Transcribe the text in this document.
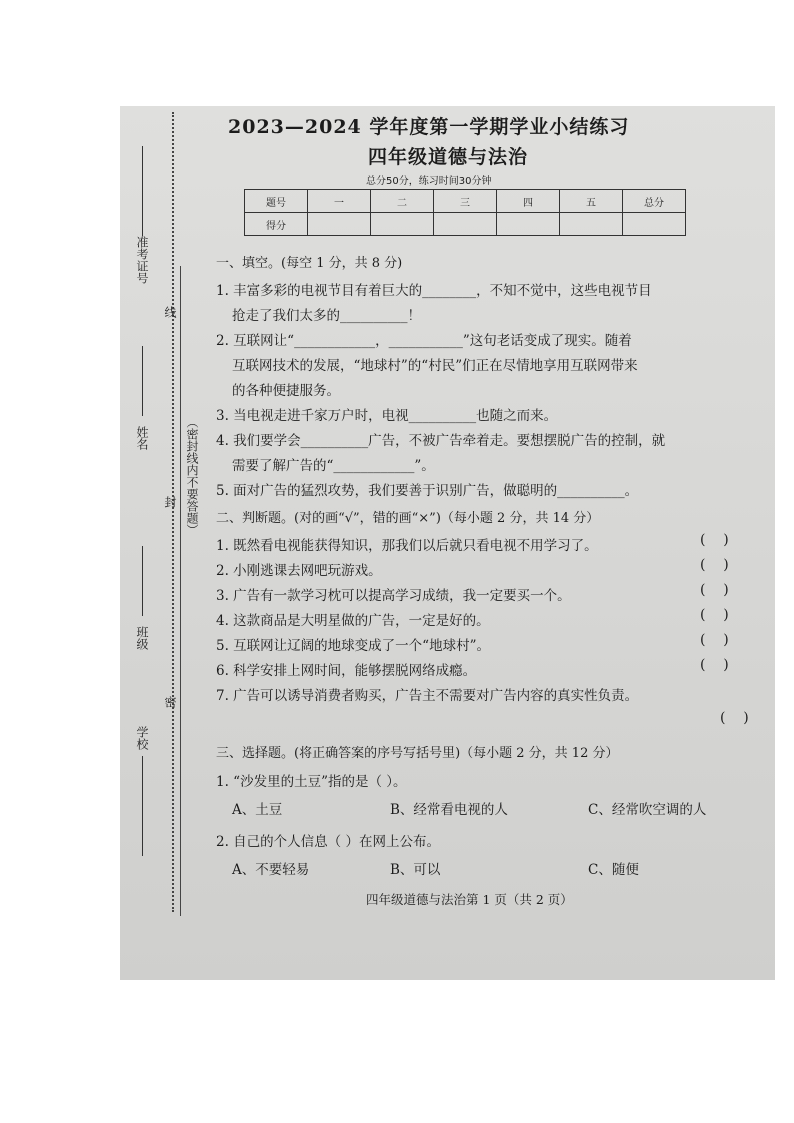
准考证号
线
姓名
封 （密封线内不要答题）
班级
密
学校
2023—2024 学年度第一学期学业小结练习
四年级道德与法治
总分50分，练习时间30分钟
题号	一	二	三	四	五	总分
得分						
一、填空。(每空 1 分，共 8 分)
1. 丰富多彩的电视节目有着巨大的________，不知不觉中，这些电视节目
抢走了我们太多的__________！
2. 互联网让“____________，___________”这句老话变成了现实。随着
互联网技术的发展，“地球村”的“村民”们正在尽情地享用互联网带来
的各种便捷服务。
3. 当电视走进千家万户时，电视__________也随之而来。
4. 我们要学会__________广告，不被广告牵着走。要想摆脱广告的控制，就
需要了解广告的“____________”。
5. 面对广告的猛烈攻势，我们要善于识别广告，做聪明的__________。
二、判断题。(对的画“√”，错的画“×”)（每小题 2 分，共 14 分）
1. 既然看电视能获得知识，那我们以后就只看电视不用学习了。	(    )
2. 小刚逃课去网吧玩游戏。	(    )
3. 广告有一款学习枕可以提高学习成绩，我一定要买一个。	(    )
4. 这款商品是大明星做的广告，一定是好的。	(    )
5. 互联网让辽阔的地球变成了一个“地球村”。	(    )
6. 科学安排上网时间，能够摆脱网络成瘾。	(    )
7. 广告可以诱导消费者购买，广告主不需要对广告内容的真实性负责。
(    )
三、选择题。(将正确答案的序号写括号里)（每小题 2 分，共 12 分）
1. “沙发里的土豆”指的是（ ）。
A、土豆	B、经常看电视的人	C、经常吹空调的人
2. 自己的个人信息（ ）在网上公布。
A、不要轻易	B、可以	C、随便
四年级道德与法治第 1 页（共 2 页）
